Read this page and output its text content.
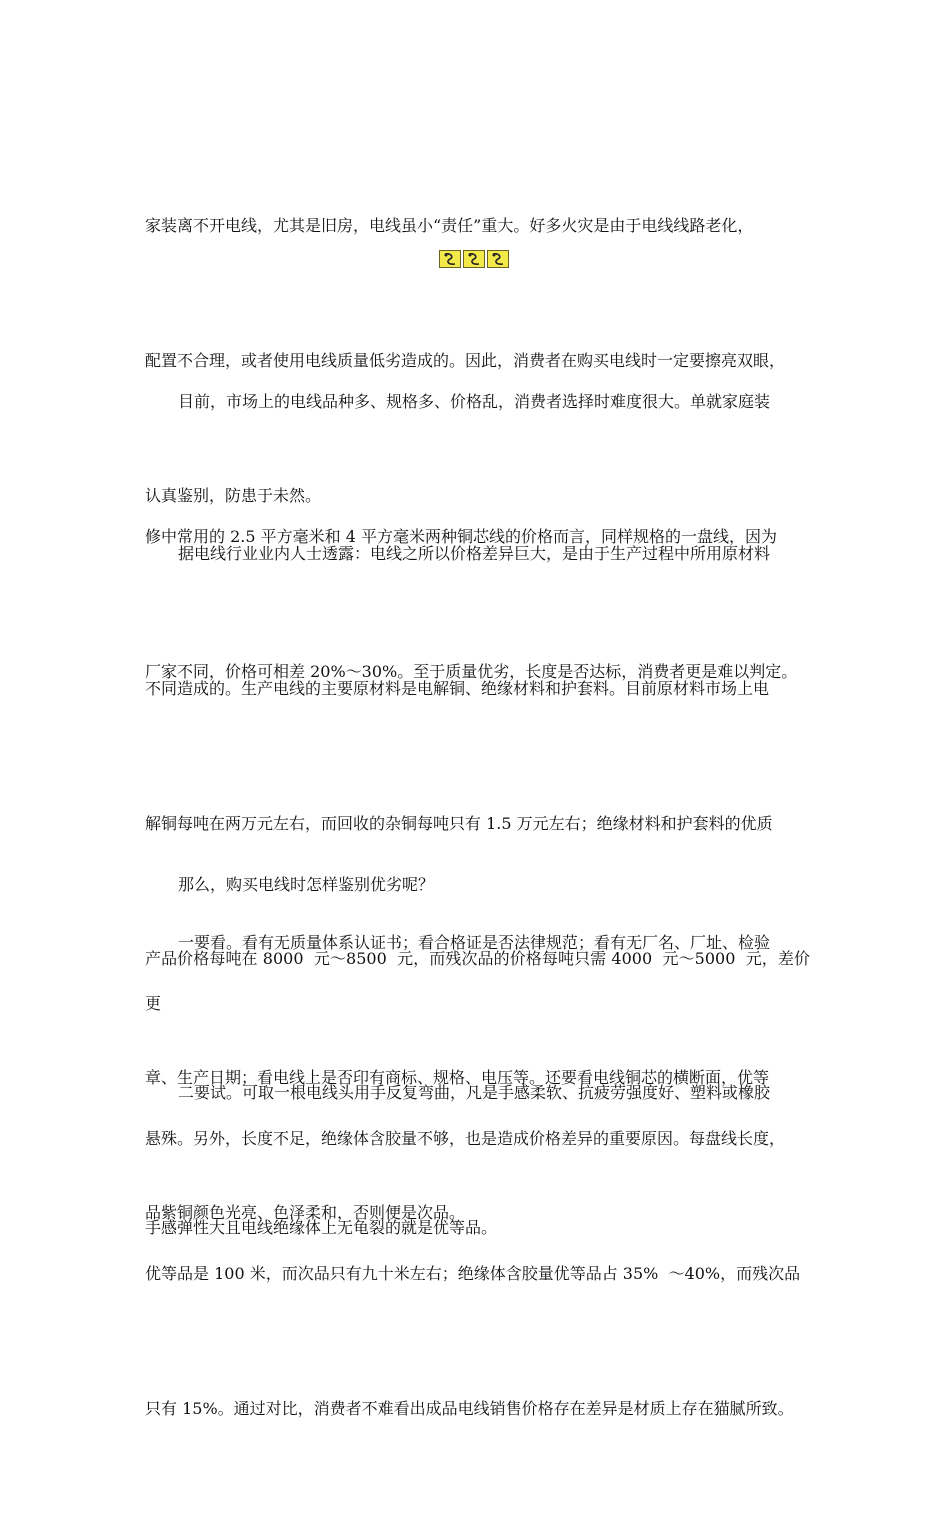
家装离不开电线，尤其是旧房，电线虽小“责任”重大。好多火灾是由于电线线路老化，

配置不合理，或者使用电线质量低劣造成的。因此，消费者在购买电线时一定要擦亮双眼，

认真鉴别，防患于未然。

目前，市场上的电线品种多、规格多、价格乱，消费者选择时难度很大。单就家庭装

修中常用的 2.5 平方毫米和 4 平方毫米两种铜芯线的价格而言，同样规格的一盘线，因为

厂家不同，价格可相差 20%～30%。至于质量优劣，长度是否达标，消费者更是难以判定。

据电线行业业内人士透露：电线之所以价格差异巨大，是由于生产过程中所用原材料

不同造成的。生产电线的主要原材料是电解铜、绝缘材料和护套料。目前原材料市场上电

解铜每吨在两万元左右，而回收的杂铜每吨只有 1.5 万元左右；绝缘材料和护套料的优质

产品价格每吨在 8000  元～8500  元，而残次品的价格每吨只需 4000  元～5000  元，差价更

悬殊。另外，长度不足，绝缘体含胶量不够，也是造成价格差异的重要原因。每盘线长度，

优等品是 100 米，而次品只有九十米左右；绝缘体含胶量优等品占 35%  ～40%，而残次品

只有 15%。通过对比，消费者不难看出成品电线销售价格存在差异是材质上存在猫腻所致。

那么，购买电线时怎样鉴别优劣呢？

一要看。看有无质量体系认证书；看合格证是否法律规范；看有无厂名、厂址、检验

章、生产日期；看电线上是否印有商标、规格、电压等。还要看电线铜芯的横断面，优等

品紫铜颜色光亮、色泽柔和，否则便是次品。

二要试。可取一根电线头用手反复弯曲，凡是手感柔软、抗疲劳强度好、塑料或橡胶

手感弹性大且电线绝缘体上无龟裂的就是优等品。
